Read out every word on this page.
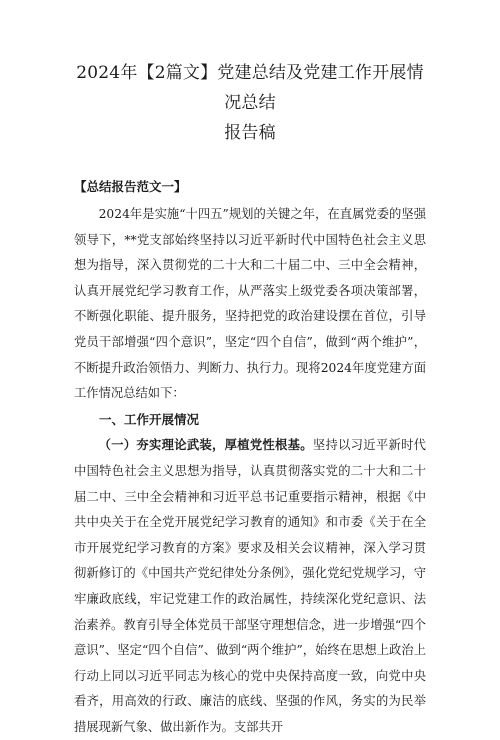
2024年【2篇文】党建总结及党建工作开展情况总结
报告稿
【总结报告范文一】

2024年是实施“十四五”规划的关键之年，在直属党委的坚强领导下，**党支部始终坚持以习近平新时代中国特色社会主义思想为指导，深入贯彻党的二十大和二十届二中、三中全会精神，认真开展党纪学习教育工作，从严落实上级党委各项决策部署，不断强化职能、提升服务，坚持把党的政治建设摆在首位，引导党员干部增强“四个意识”，坚定“四个自信”，做到“两个维护”，不断提升政治领悟力、判断力、执行力。现将2024年度党建方面工作情况总结如下：

一、工作开展情况

（一）夯实理论武装，厚植党性根基。坚持以习近平新时代中国特色社会主义思想为指导，认真贯彻落实党的二十大和二十届二中、三中全会精神和习近平总书记重要指示精神，根据《中共中央关于在全党开展党纪学习教育的通知》和市委《关于在全市开展党纪学习教育的方案》要求及相关会议精神，深入学习贯彻新修订的《中国共产党纪律处分条例》，强化党纪党规学习，守牢廉政底线，牢记党建工作的政治属性，持续深化党纪意识、法治素养。教育引导全体党员干部坚守理想信念，进一步增强“四个意识”、坚定“四个自信”、做到“两个维护”，始终在思想上政治上行动上同以习近平同志为核心的党中央保持高度一致，向党中央看齐，用高效的行政、廉洁的底线、坚强的作风，务实的为民举措展现新气象、做出新作为。支部共开
